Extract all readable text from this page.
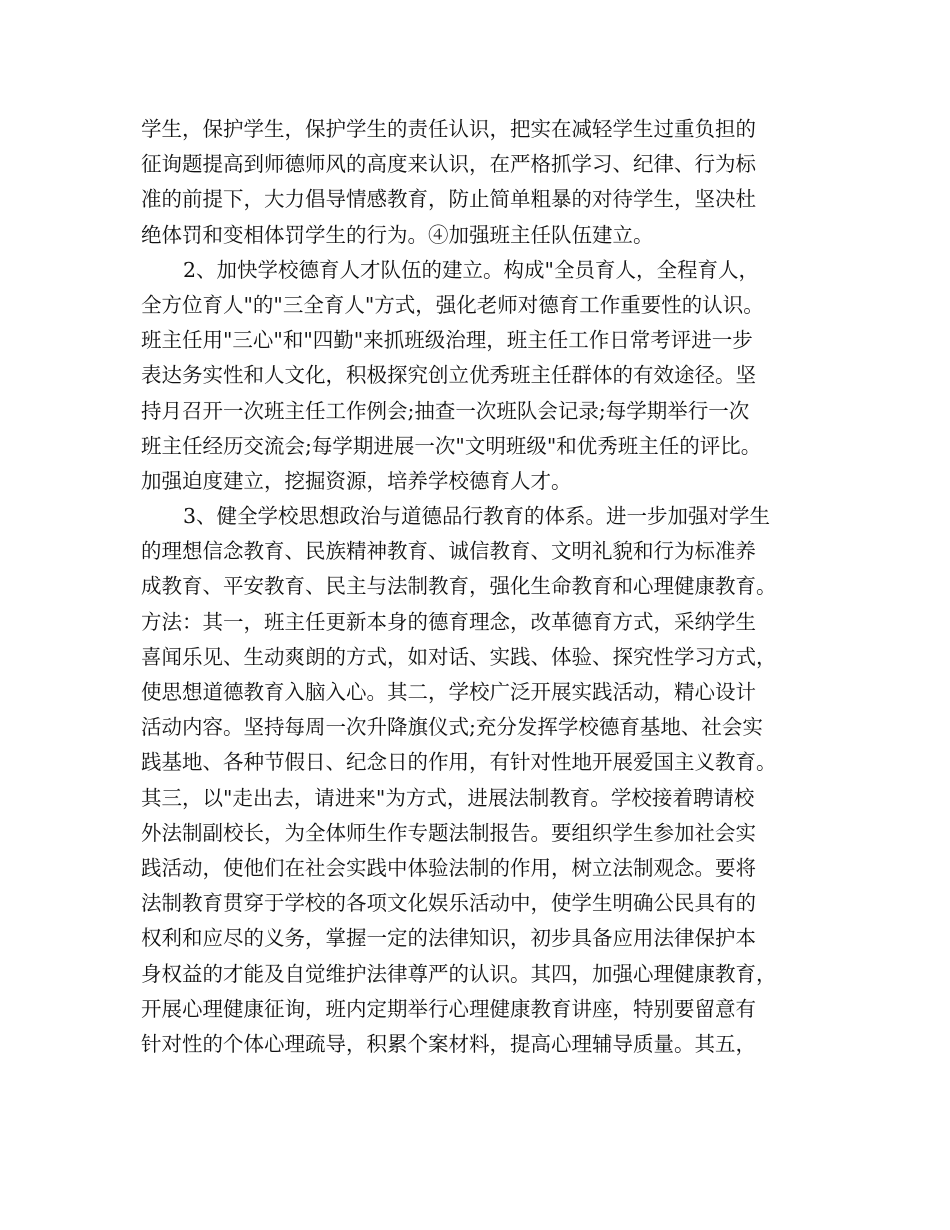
学生，保护学生，保护学生的责任认识，把实在减轻学生过重负担的
征询题提高到师德师风的高度来认识，在严格抓学习、纪律、行为标
准的前提下，大力倡导情感教育，防止简单粗暴的对待学生，坚决杜
绝体罚和变相体罚学生的行为。④加强班主任队伍建立。
2、加快学校德育人才队伍的建立。构成"全员育人，全程育人，
全方位育人"的"三全育人"方式，强化老师对德育工作重要性的认识。
班主任用"三心"和"四勤"来抓班级治理，班主任工作日常考评进一步
表达务实性和人文化，积极探究创立优秀班主任群体的有效途径。坚
持月召开一次班主任工作例会;抽查一次班队会记录;每学期举行一次
班主任经历交流会;每学期进展一次"文明班级"和优秀班主任的评比。
加强迫度建立，挖掘资源，培养学校德育人才。
3、健全学校思想政治与道德品行教育的体系。进一步加强对学生
的理想信念教育、民族精神教育、诚信教育、文明礼貌和行为标准养
成教育、平安教育、民主与法制教育，强化生命教育和心理健康教育。
方法：其一，班主任更新本身的德育理念，改革德育方式，采纳学生
喜闻乐见、生动爽朗的方式，如对话、实践、体验、探究性学习方式，
使思想道德教育入脑入心。其二，学校广泛开展实践活动，精心设计
活动内容。坚持每周一次升降旗仪式;充分发挥学校德育基地、社会实
践基地、各种节假日、纪念日的作用，有针对性地开展爱国主义教育。
其三，以"走出去，请进来"为方式，进展法制教育。学校接着聘请校
外法制副校长，为全体师生作专题法制报告。要组织学生参加社会实
践活动，使他们在社会实践中体验法制的作用，树立法制观念。要将
法制教育贯穿于学校的各项文化娱乐活动中，使学生明确公民具有的
权利和应尽的义务，掌握一定的法律知识，初步具备应用法律保护本
身权益的才能及自觉维护法律尊严的认识。其四，加强心理健康教育，
开展心理健康征询，班内定期举行心理健康教育讲座，特别要留意有
针对性的个体心理疏导，积累个案材料，提高心理辅导质量。其五，
